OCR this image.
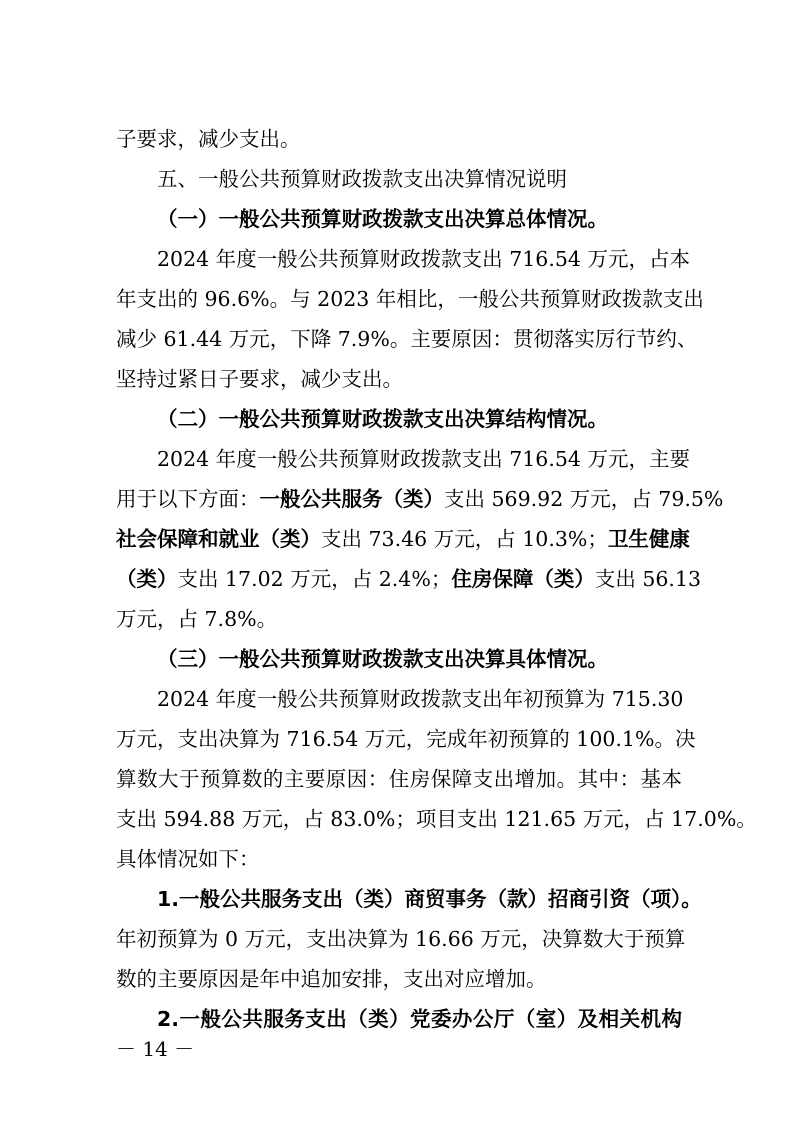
子要求，减少支出。
五、一般公共预算财政拨款支出决算情况说明
（一）一般公共预算财政拨款支出决算总体情况。
2024 年度一般公共预算财政拨款支出 716.54 万元，占本
年支出的 96.6%。与 2023 年相比，一般公共预算财政拨款支出
减少 61.44 万元，下降 7.9%。主要原因：贯彻落实厉行节约、
坚持过紧日子要求，减少支出。
（二）一般公共预算财政拨款支出决算结构情况。
2024 年度一般公共预算财政拨款支出 716.54 万元，主要
用于以下方面：一般公共服务（类）支出 569.92 万元，占 79.5%
社会保障和就业（类）支出 73.46 万元，占 10.3%；卫生健康
（类）支出 17.02 万元，占 2.4%；住房保障（类）支出 56.13
万元，占 7.8%。
（三）一般公共预算财政拨款支出决算具体情况。
2024 年度一般公共预算财政拨款支出年初预算为 715.30
万元，支出决算为 716.54 万元，完成年初预算的 100.1%。决
算数大于预算数的主要原因：住房保障支出增加。其中：基本
支出 594.88 万元，占 83.0%；项目支出 121.65 万元，占 17.0%。
具体情况如下：
1.一般公共服务支出（类）商贸事务（款）招商引资（项）。
年初预算为 0 万元，支出决算为 16.66 万元，决算数大于预算
数的主要原因是年中追加安排，支出对应增加。
2.一般公共服务支出（类）党委办公厅（室）及相关机构
－ 14 －
